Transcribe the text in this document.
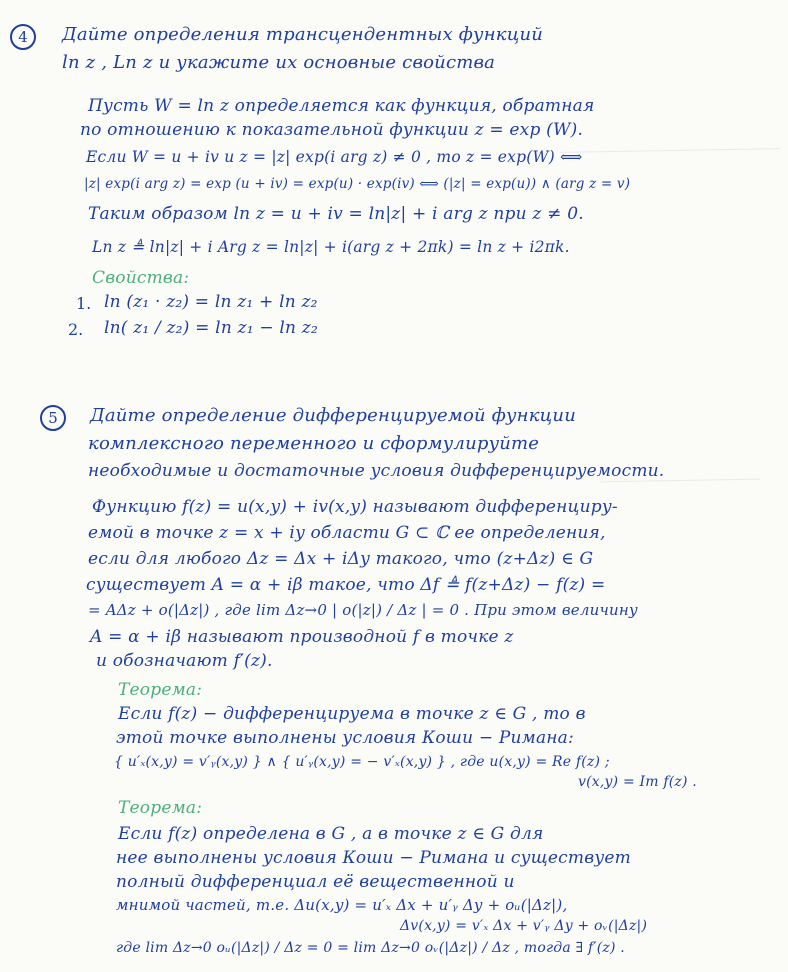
4	Дайте определения трансцендентных функций
ln z , Ln z и укажите их основные свойства
Пусть W = ln z определяется как функция, обратная
по отношению к показательной функции z = exp (W).
Если W = u + iv и z = |z| exp(i arg z) ≠ 0 , то z = exp(W) ⟺
|z| exp(i arg z) = exp (u + iv) = exp(u) · exp(iv) ⟺ (|z| = exp(u)) ∧ (arg z = v)
Таким образом ln z = u + iv = ln|z| + i arg z при z ≠ 0.
Ln z ≜ ln|z| + i Arg z = ln|z| + i(arg z + 2πk) = ln z + i2πk.
Свойства:
1. ln (z₁ · z₂) = ln z₁ + ln z₂
2. ln( z₁ / z₂) = ln z₁ − ln z₂
5	Дайте определение дифференцируемой функции
комплексного переменного и сформулируйте
необходимые и достаточные условия дифференцируемости.
Функцию f(z) = u(x,y) + iv(x,y) называют дифференциру-
емой в точке z = x + iy области G ⊂ ℂ ее определения,
если для любого Δz = Δx + iΔy такого, что (z+Δz) ∈ G
существует A = α + iβ такое, что Δf ≜ f(z+Δz) − f(z) =
= AΔz + o(|Δz|) , где lim Δz→0 | o(|z|) / Δz | = 0 . При этом величину
A = α + iβ называют производной f в точке z
и обозначают f′(z).
Теорема:
Если f(z) − дифференцируема в точке z ∈ G , то в
этой точке выполнены условия Коши − Римана:
{ u′ₓ(x,y) = v′ᵧ(x,y) } ∧ { u′ᵧ(x,y) = − v′ₓ(x,y) } , где u(x,y) = Re f(z) ;
v(x,y) = Im f(z) .
Теорема:
Если f(z) определена в G , а в точке z ∈ G для
нее выполнены условия Коши − Римана и существует
полный дифференциал её вещественной и
мнимой частей, т.е. Δu(x,y) = u′ₓ Δx + u′ᵧ Δy + oᵤ(|Δz|),
Δv(x,y) = v′ₓ Δx + v′ᵧ Δy + oᵥ(|Δz|)
где lim Δz→0 oᵤ(|Δz|) / Δz = 0 = lim Δz→0 oᵥ(|Δz|) / Δz , тогда ∃ f′(z) .
